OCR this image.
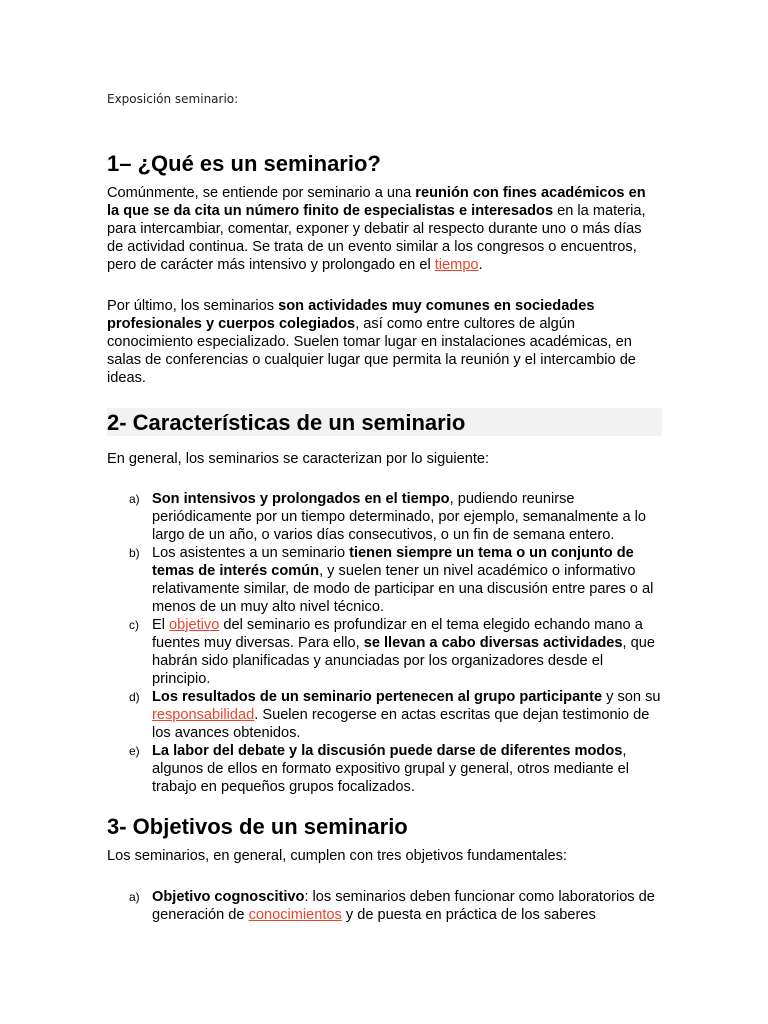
Exposición seminario:
1– ¿Qué es un seminario?

Comúnmente, se entiende por seminario a una reunión con fines académicos en la que se da cita un número finito de especialistas e interesados en la materia, para intercambiar, comentar, exponer y debatir al respecto durante uno o más días de actividad continua. Se trata de un evento similar a los congresos o encuentros, pero de carácter más intensivo y prolongado en el tiempo.

Por último, los seminarios son actividades muy comunes en sociedades profesionales y cuerpos colegiados, así como entre cultores de algún conocimiento especializado. Suelen tomar lugar en instalaciones académicas, en salas de conferencias o cualquier lugar que permita la reunión y el intercambio de ideas.

2- Características de un seminario

En general, los seminarios se caracterizan por lo siguiente:

a) Son intensivos y prolongados en el tiempo, pudiendo reunirse periódicamente por un tiempo determinado, por ejemplo, semanalmente a lo largo de un año, o varios días consecutivos, o un fin de semana entero.
b) Los asistentes a un seminario tienen siempre un tema o un conjunto de temas de interés común, y suelen tener un nivel académico o informativo relativamente similar, de modo de participar en una discusión entre pares o al menos de un muy alto nivel técnico.
c) El objetivo del seminario es profundizar en el tema elegido echando mano a fuentes muy diversas. Para ello, se llevan a cabo diversas actividades, que habrán sido planificadas y anunciadas por los organizadores desde el principio.
d) Los resultados de un seminario pertenecen al grupo participante y son su responsabilidad. Suelen recogerse en actas escritas que dejan testimonio de los avances obtenidos.
e) La labor del debate y la discusión puede darse de diferentes modos, algunos de ellos en formato expositivo grupal y general, otros mediante el trabajo en pequeños grupos focalizados.
3- Objetivos de un seminario

Los seminarios, en general, cumplen con tres objetivos fundamentales:

a) Objetivo cognoscitivo: los seminarios deben funcionar como laboratorios de generación de conocimientos y de puesta en práctica de los saberes
